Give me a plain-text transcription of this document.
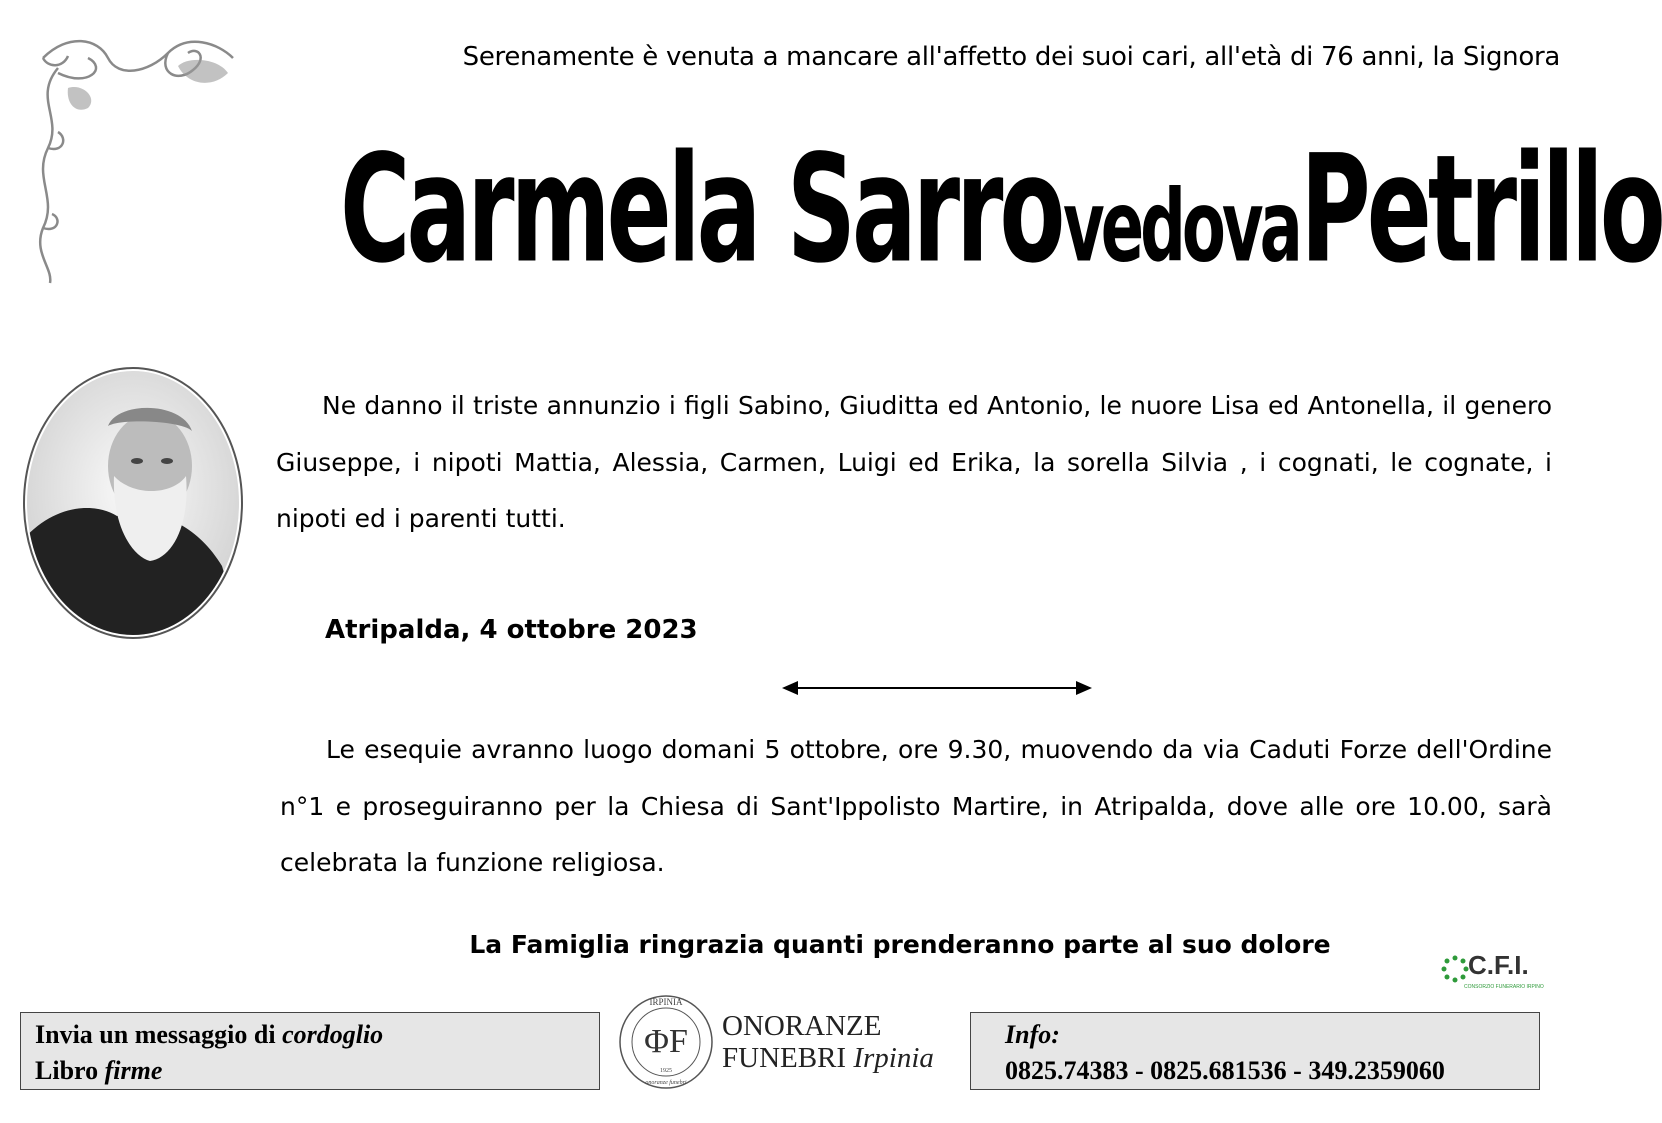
Serenamente è venuta a mancare all'affetto dei suoi cari, all'età di 76 anni, la Signora
Carmela Sarro vedova Petrillo
Ne danno il triste annunzio i figli Sabino, Giuditta ed Antonio, le nuore Lisa ed Antonella, il genero Giuseppe, i nipoti Mattia, Alessia, Carmen, Luigi ed Erika, la sorella Silvia , i cognati, le cognate, i nipoti ed i parenti tutti.
Atripalda, 4 ottobre 2023
Le esequie avranno luogo domani 5 ottobre, ore 9.30, muovendo da via Caduti Forze dell'Ordine n°1 e proseguiranno per la Chiesa di Sant'Ippolisto Martire, in Atripalda, dove alle ore 10.00, sarà celebrata la funzione religiosa.
La Famiglia ringrazia quanti prenderanno parte al suo dolore
C.F.I.
CONSORZIO FUNERARIO IRPINO
Invia un messaggio di cordoglio
Libro firme
IRPINIA
ΦF
1925
onoranze funebri
ONORANZE
FUNEBRI Irpinia
Info:
0825.74383 - 0825.681536 - 349.2359060
